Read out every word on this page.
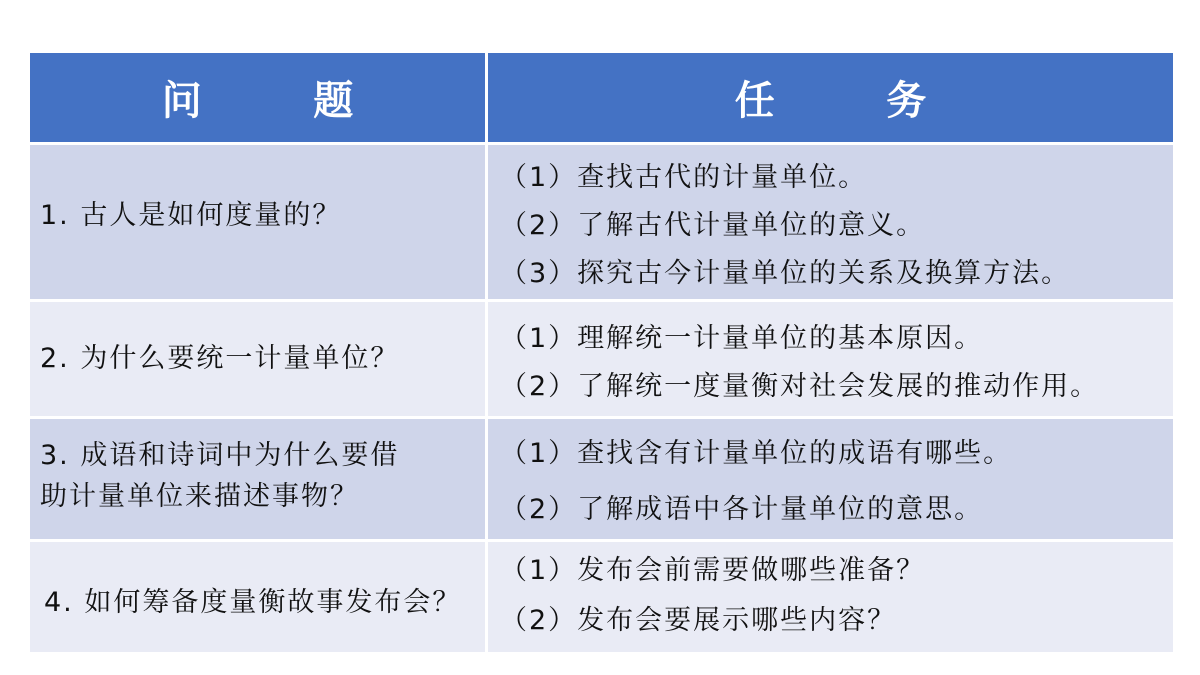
问        题	任        务
1. 古人是如何度量的？
（1）查找古代的计量单位。
（2）了解古代计量单位的意义。
（3）探究古今计量单位的关系及换算方法。
2. 为什么要统一计量单位？
（1）理解统一计量单位的基本原因。
（2）了解统一度量衡对社会发展的推动作用。
3. 成语和诗词中为什么要借
助计量单位来描述事物？
（1）查找含有计量单位的成语有哪些。
（2）了解成语中各计量单位的意思。
4. 如何筹备度量衡故事发布会？
（1）发布会前需要做哪些准备？
（2）发布会要展示哪些内容？
